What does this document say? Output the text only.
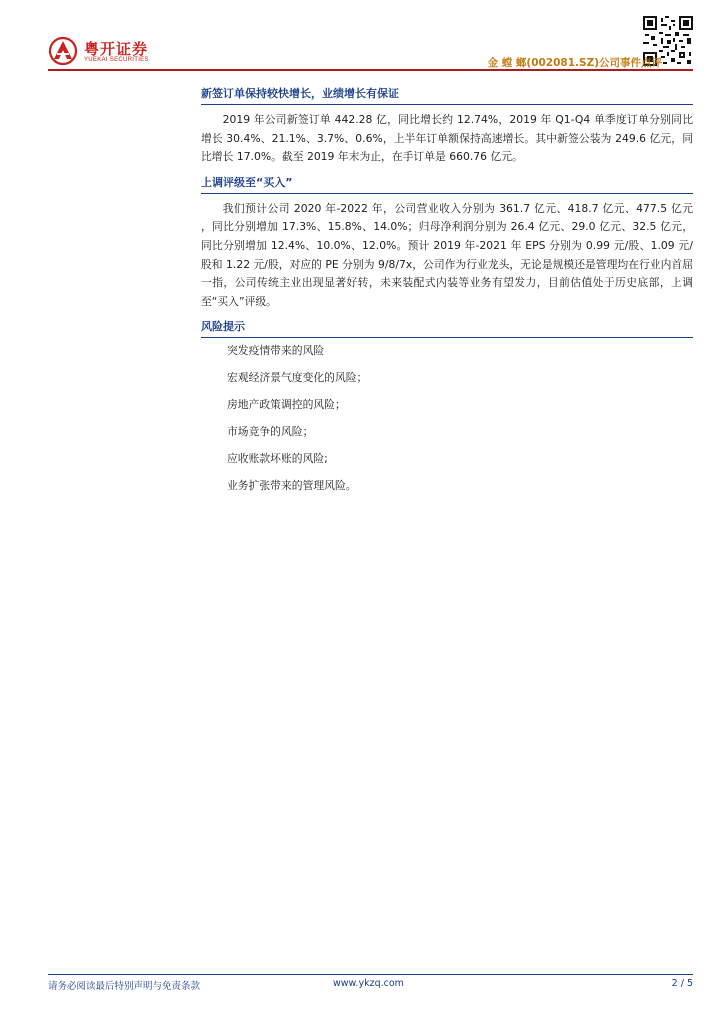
粤开证券
YUEKAI SECURITIES	金 螳 螂(002081.SZ)公司事件点评
新签订单保持较快增长，业绩增长有保证

2019 年公司新签订单 442.28 亿，同比增长约 12.74%，2019 年 Q1-Q4 单季度订单分别同比增长 30.4%、21.1%、3.7%、0.6%，上半年订单额保持高速增长。其中新签公装为 249.6 亿元，同比增长 17.0%。截至 2019 年末为止，在手订单是 660.76 亿元。

上调评级至“买入”

我们预计公司 2020 年-2022 年，公司营业收入分别为 361.7 亿元、418.7 亿元、477.5 亿元 ，同比分别增加 17.3%、15.8%、14.0%；归母净利润分别为 26.4 亿元、29.0 亿元、32.5 亿元，同比分别增加 12.4%、10.0%、12.0%。预计 2019 年-2021 年 EPS 分别为 0.99 元/股、1.09 元/股和 1.22 元/股，对应的 PE 分别为 9/8/7x，公司作为行业龙头，无论是规模还是管理均在行业内首屈一指，公司传统主业出现显著好转，未来装配式内装等业务有望发力，目前估值处于历史底部，上调至“买入”评级。

风险提示
突发疫情带来的风险
宏观经济景气度变化的风险；
房地产政策调控的风险；
市场竞争的风险；
应收账款坏账的风险;
业务扩张带来的管理风险。
请务必阅读最后特别声明与免责条款	www.ykzq.com	2 / 5
